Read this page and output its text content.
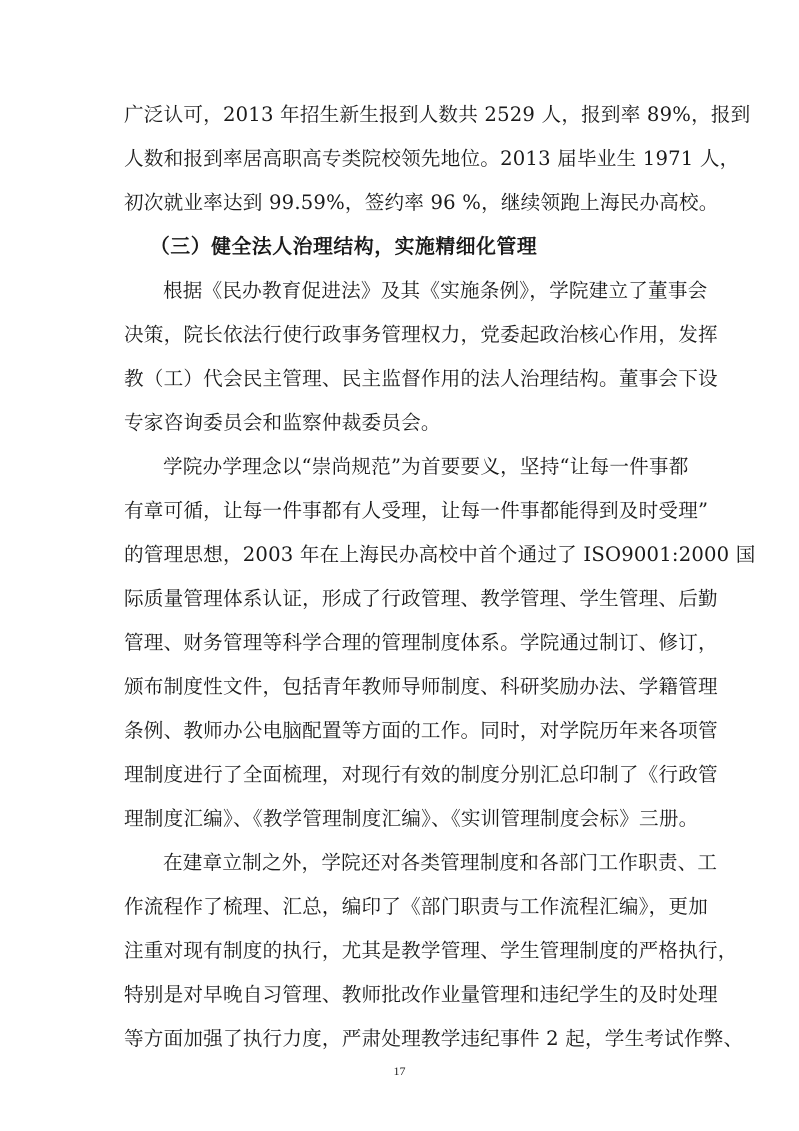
广泛认可，2013 年招生新生报到人数共 2529 人，报到率 89%，报到
人数和报到率居高职高专类院校领先地位。2013 届毕业生 1971 人，
初次就业率达到 99.59%，签约率 96 %，继续领跑上海民办高校。
（三）健全法人治理结构，实施精细化管理
根据《民办教育促进法》及其《实施条例》，学院建立了董事会
决策，院长依法行使行政事务管理权力，党委起政治核心作用，发挥
教（工）代会民主管理、民主监督作用的法人治理结构。董事会下设
专家咨询委员会和监察仲裁委员会。
学院办学理念以“崇尚规范”为首要要义，坚持“让每一件事都
有章可循，让每一件事都有人受理，让每一件事都能得到及时受理”
的管理思想，2003 年在上海民办高校中首个通过了 ISO9001:2000 国
际质量管理体系认证，形成了行政管理、教学管理、学生管理、后勤
管理、财务管理等科学合理的管理制度体系。学院通过制订、修订，
颁布制度性文件，包括青年教师导师制度、科研奖励办法、学籍管理
条例、教师办公电脑配置等方面的工作。同时，对学院历年来各项管
理制度进行了全面梳理，对现行有效的制度分别汇总印制了《行政管
理制度汇编》、《教学管理制度汇编》、《实训管理制度会标》三册。
在建章立制之外，学院还对各类管理制度和各部门工作职责、工
作流程作了梳理、汇总，编印了《部门职责与工作流程汇编》，更加
注重对现有制度的执行，尤其是教学管理、学生管理制度的严格执行，
特别是对早晚自习管理、教师批改作业量管理和违纪学生的及时处理
等方面加强了执行力度，严肃处理教学违纪事件 2 起，学生考试作弊、
17
